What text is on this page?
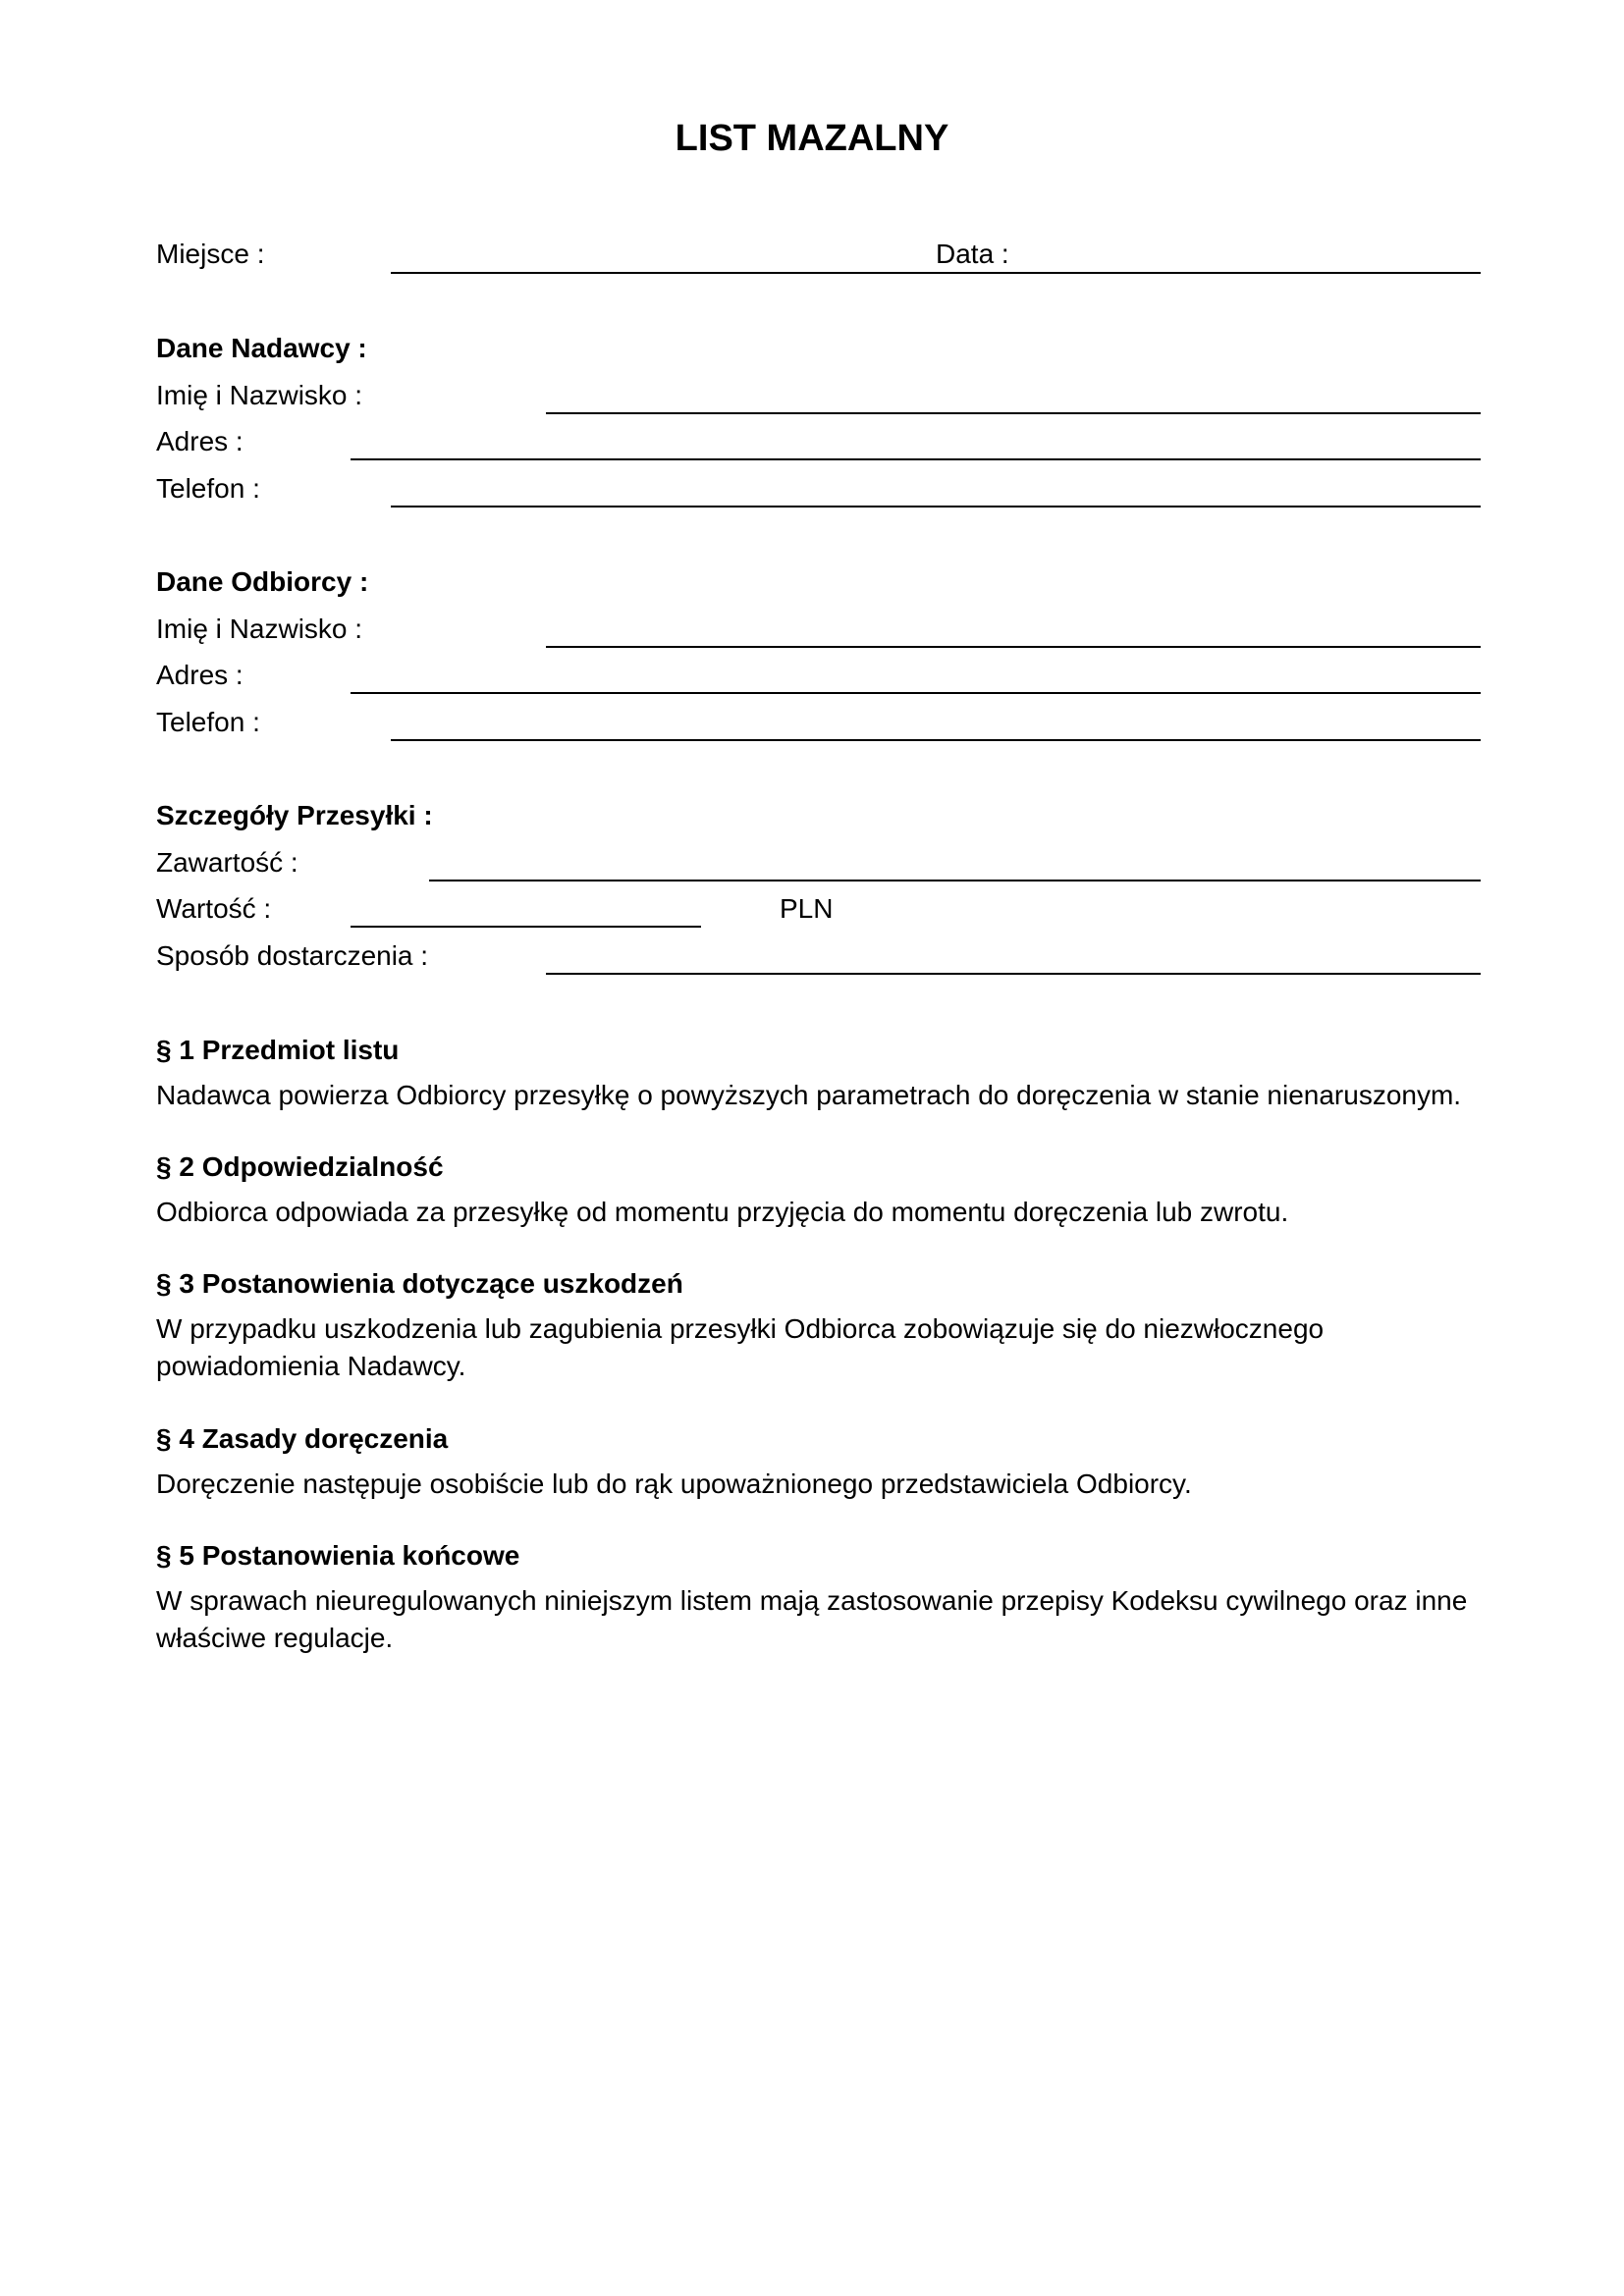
LIST MAZALNY
Miejsce :	Data :
Dane Nadawcy :
Imię i Nazwisko :
Adres :
Telefon :
Dane Odbiorcy :
Imię i Nazwisko :
Adres :
Telefon :
Szczegóły Przesyłki :
Zawartość :
Wartość :	PLN
Sposób dostarczenia :
§ 1 Przedmiot listu
Nadawca powierza Odbiorcy przesyłkę o powyższych parametrach do doręczenia w stanie nienaruszonym.
§ 2 Odpowiedzialność
Odbiorca odpowiada za przesyłkę od momentu przyjęcia do momentu doręczenia lub zwrotu.
§ 3 Postanowienia dotyczące uszkodzeń
W przypadku uszkodzenia lub zagubienia przesyłki Odbiorca zobowiązuje się do niezwłocznego powiadomienia Nadawcy.
§ 4 Zasady doręczenia
Doręczenie następuje osobiście lub do rąk upoważnionego przedstawiciela Odbiorcy.
§ 5 Postanowienia końcowe
W sprawach nieuregulowanych niniejszym listem mają zastosowanie przepisy Kodeksu cywilnego oraz inne właściwe regulacje.
